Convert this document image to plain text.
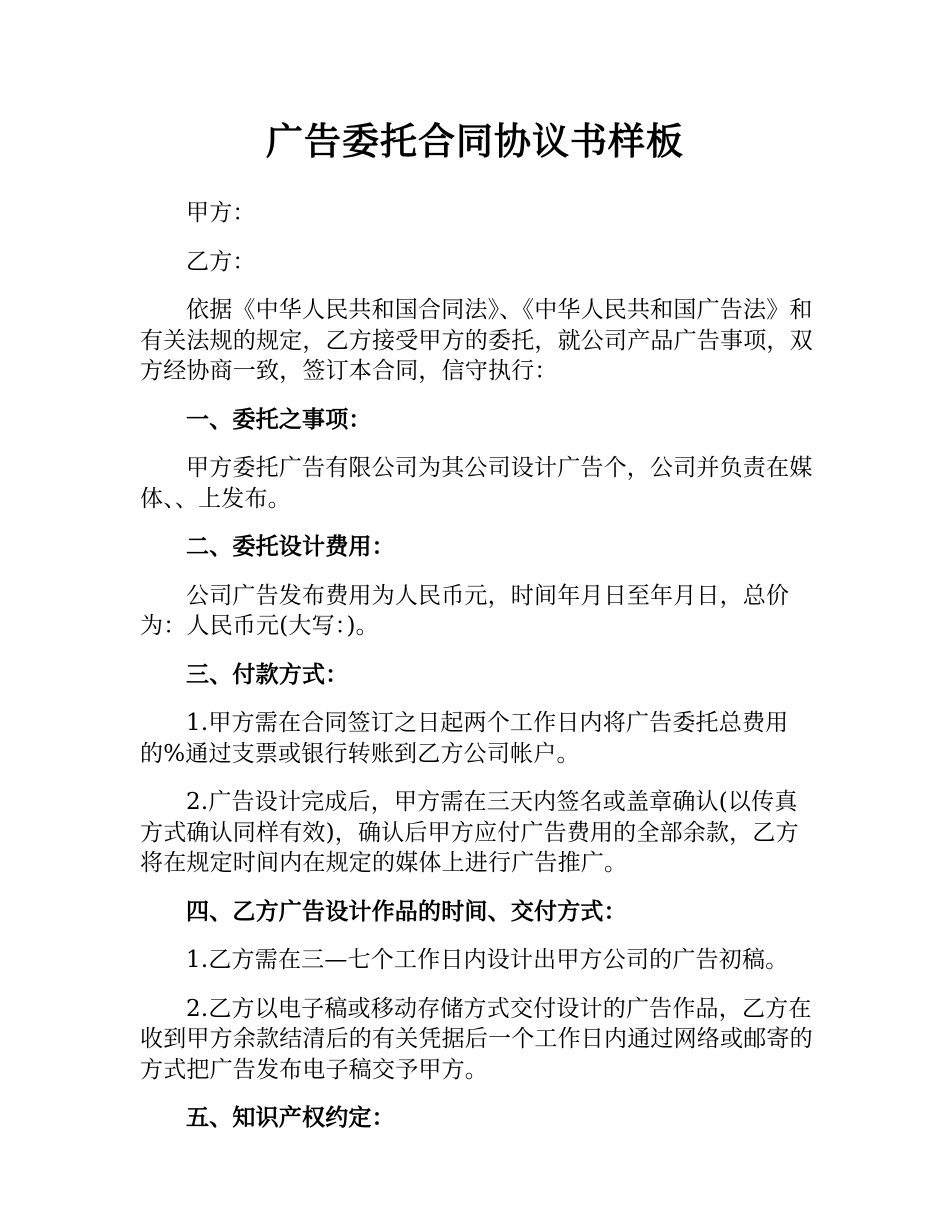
广告委托合同协议书样板

甲方：

乙方：

依据《中华人民共和国合同法》、《中华人民共和国广告法》和有关法规的规定，乙方接受甲方的委托，就公司产品广告事项，双方经协商一致，签订本合同，信守执行：

一、委托之事项：

甲方委托广告有限公司为其公司设计广告个，公司并负责在媒体、、上发布。

二、委托设计费用：

公司广告发布费用为人民币元，时间年月日至年月日，总价为：人民币元(大写：)。

三、付款方式：

1.甲方需在合同签订之日起两个工作日内将广告委托总费用的%通过支票或银行转账到乙方公司帐户。

2.广告设计完成后，甲方需在三天内签名或盖章确认(以传真方式确认同样有效)，确认后甲方应付广告费用的全部余款，乙方将在规定时间内在规定的媒体上进行广告推广。

四、乙方广告设计作品的时间、交付方式：

1.乙方需在三—七个工作日内设计出甲方公司的广告初稿。

2.乙方以电子稿或移动存储方式交付设计的广告作品，乙方在收到甲方余款结清后的有关凭据后一个工作日内通过网络或邮寄的方式把广告发布电子稿交予甲方。

五、知识产权约定：
